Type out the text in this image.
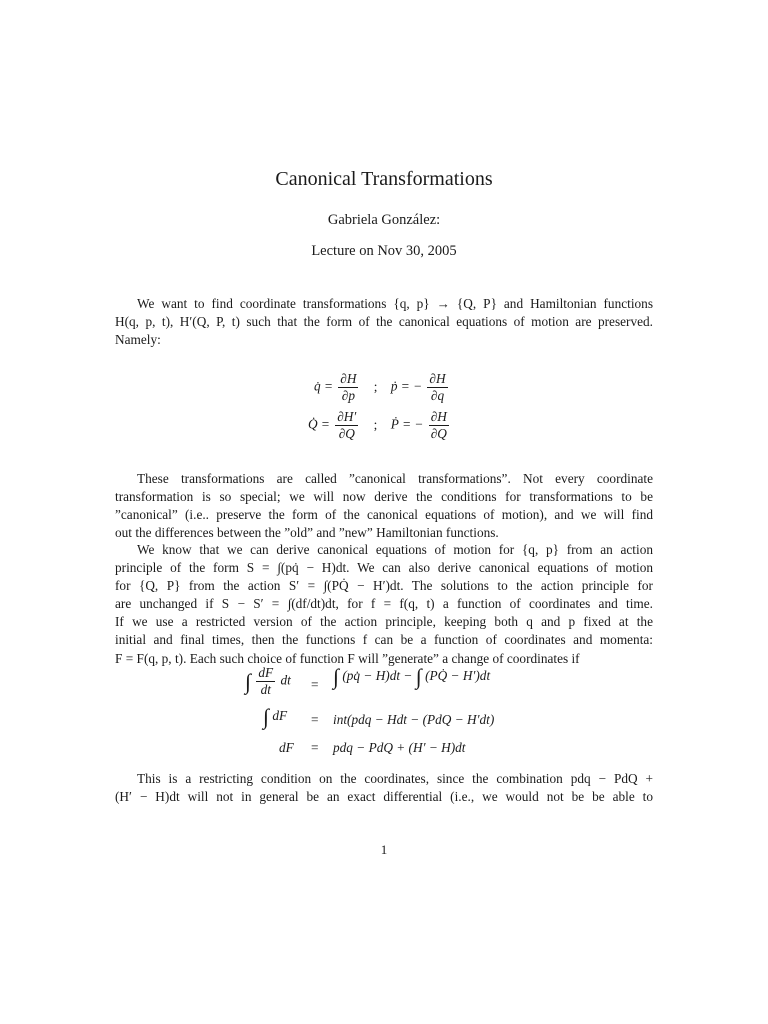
Canonical Transformations
Gabriela González:
Lecture on Nov 30, 2005
We want to find coordinate transformations {q, p} → {Q, P} and Hamiltonian functions
H(q, p, t), H′(Q, P, t) such that the form of the canonical equations of motion are preserved.
Namely:
q̇ = $\frac{\partial H}{\partial p}$ ; ṗ = − $\frac{\partial H}{\partial q}$
Q̇ = $\frac{\partial H'}{\partial Q}$ ; Ṗ = − $\frac{\partial H}{\partial Q}$
These transformations are called ”canonical transformations”. Not every coordinate
transformation is so special; we will now derive the conditions for transformations to be
”canonical” (i.e.. preserve the form of the canonical equations of motion), and we will find
out the differences between the ”old” and ”new” Hamiltonian functions.
We know that we can derive canonical equations of motion for {q, p} from an action
principle of the form S = ∫(pq̇ − H)dt. We can also derive canonical equations of motion
for {Q, P} from the action S′ = ∫(PQ̇ − H′)dt. The solutions to the action principle for
are unchanged if S − S′ = ∫(df/dt)dt, for f = f(q, t) a function of coordinates and time.
If we use a restricted version of the action principle, keeping both q and p fixed at the
initial and final times, then the functions f can be a function of coordinates and momenta:
F = F(q, p, t). Each such choice of function F will ”generate” a change of coordinates if
∫ $\frac{dF}{dt}$ dt = ∫ (pq̇ − H)dt − ∫ (PQ̇ − H′)dt
∫ dF = int(pdq − Hdt − (PdQ − H′dt)
dF = pdq − PdQ + (H′ − H)dt
This is a restricting condition on the coordinates, since the combination pdq − PdQ +
(H′ − H)dt will not in general be an exact differential (i.e., we would not be be able to
1
